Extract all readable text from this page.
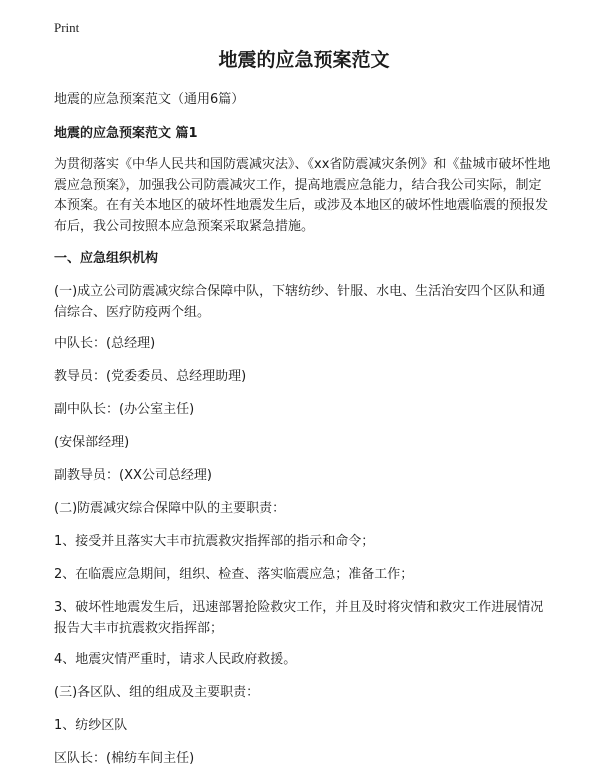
Print
地震的应急预案范文
地震的应急预案范文（通用6篇）
地震的应急预案范文 篇1
为贯彻落实《中华人民共和国防震减灾法》、《xx省防震减灾条例》和《盐城市破坏性地震应急预案》，加强我公司防震减灾工作，提高地震应急能力，结合我公司实际，制定本预案。在有关本地区的破坏性地震发生后，或涉及本地区的破坏性地震临震的预报发布后，我公司按照本应急预案采取紧急措施。
一、应急组织机构
(一)成立公司防震减灾综合保障中队，下辖纺纱、针服、水电、生活治安四个区队和通信综合、医疗防疫两个组。
中队长：(总经理)
教导员：(党委委员、总经理助理)
副中队长：(办公室主任)
(安保部经理)
副教导员：(XX公司总经理)
(二)防震减灾综合保障中队的主要职责：
1、接受并且落实大丰市抗震救灾指挥部的指示和命令；
2、在临震应急期间，组织、检查、落实临震应急；准备工作；
3、破坏性地震发生后，迅速部署抢险救灾工作，并且及时将灾情和救灾工作进展情况报告大丰市抗震救灾指挥部；
4、地震灾情严重时，请求人民政府救援。
(三)各区队、组的组成及主要职责：
1、纺纱区队
区队长：(棉纺车间主任)
